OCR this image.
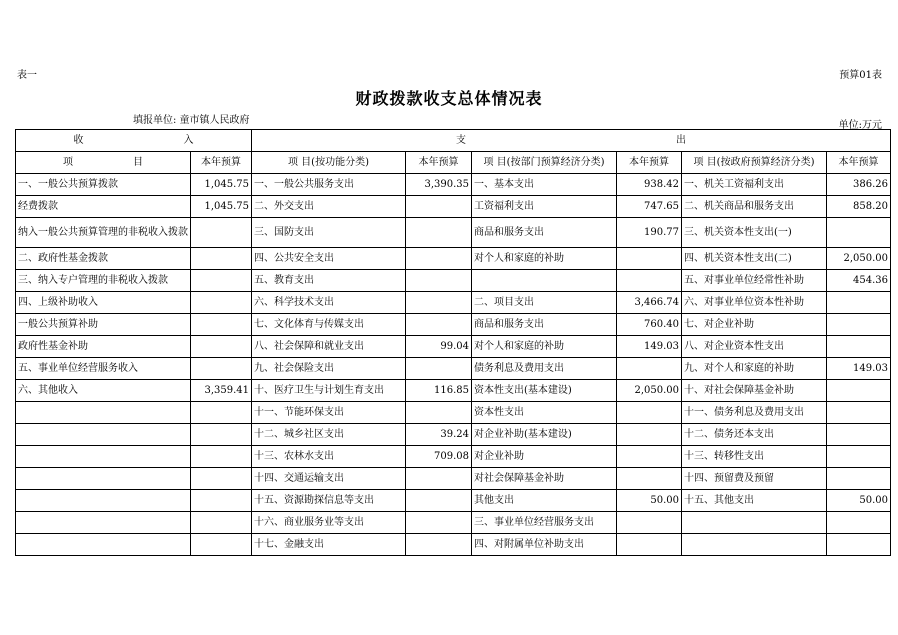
表一	预算01表
财政拨款收支总体情况表
填报单位: 童市镇人民政府	单位:万元
收 入		支 出					
项 目	本年预算	项 目(按功能分类)	本年预算	项 目(按部门预算经济分类)	本年预算	项 目(按政府预算经济分类)	本年预算
一、一般公共预算拨款	1,045.75	一、一般公共服务支出	3,390.35	一、基本支出	938.42	一、机关工资福利支出	386.26
经费拨款	1,045.75	二、外交支出		工资福利支出	747.65	二、机关商品和服务支出	858.20
纳入一般公共预算管理的非税收入拨款		三、国防支出		商品和服务支出	190.77	三、机关资本性支出(一)	
二、政府性基金拨款		四、公共安全支出		对个人和家庭的补助		四、机关资本性支出(二)	2,050.00
三、纳入专户管理的非税收入拨款		五、教育支出				五、对事业单位经常性补助	454.36
四、上级补助收入		六、科学技术支出		二、项目支出	3,466.74	六、对事业单位资本性补助	
一般公共预算补助		七、文化体育与传媒支出		商品和服务支出	760.40	七、对企业补助	
政府性基金补助		八、社会保障和就业支出	99.04	对个人和家庭的补助	149.03	八、对企业资本性支出	
五、事业单位经营服务收入		九、社会保险支出		债务利息及费用支出		九、对个人和家庭的补助	149.03
六、其他收入	3,359.41	十、医疗卫生与计划生育支出	116.85	资本性支出(基本建设)	2,050.00	十、对社会保障基金补助	
		十一、节能环保支出		资本性支出		十一、债务利息及费用支出	
		十二、城乡社区支出	39.24	对企业补助(基本建设)		十二、债务还本支出	
		十三、农林水支出	709.08	对企业补助		十三、转移性支出	
		十四、交通运输支出		对社会保障基金补助		十四、预留费及预留	
		十五、资源勘探信息等支出		其他支出	50.00	十五、其他支出	50.00
		十六、商业服务业等支出		三、事业单位经营服务支出			
		十七、金融支出		四、对附属单位补助支出			
